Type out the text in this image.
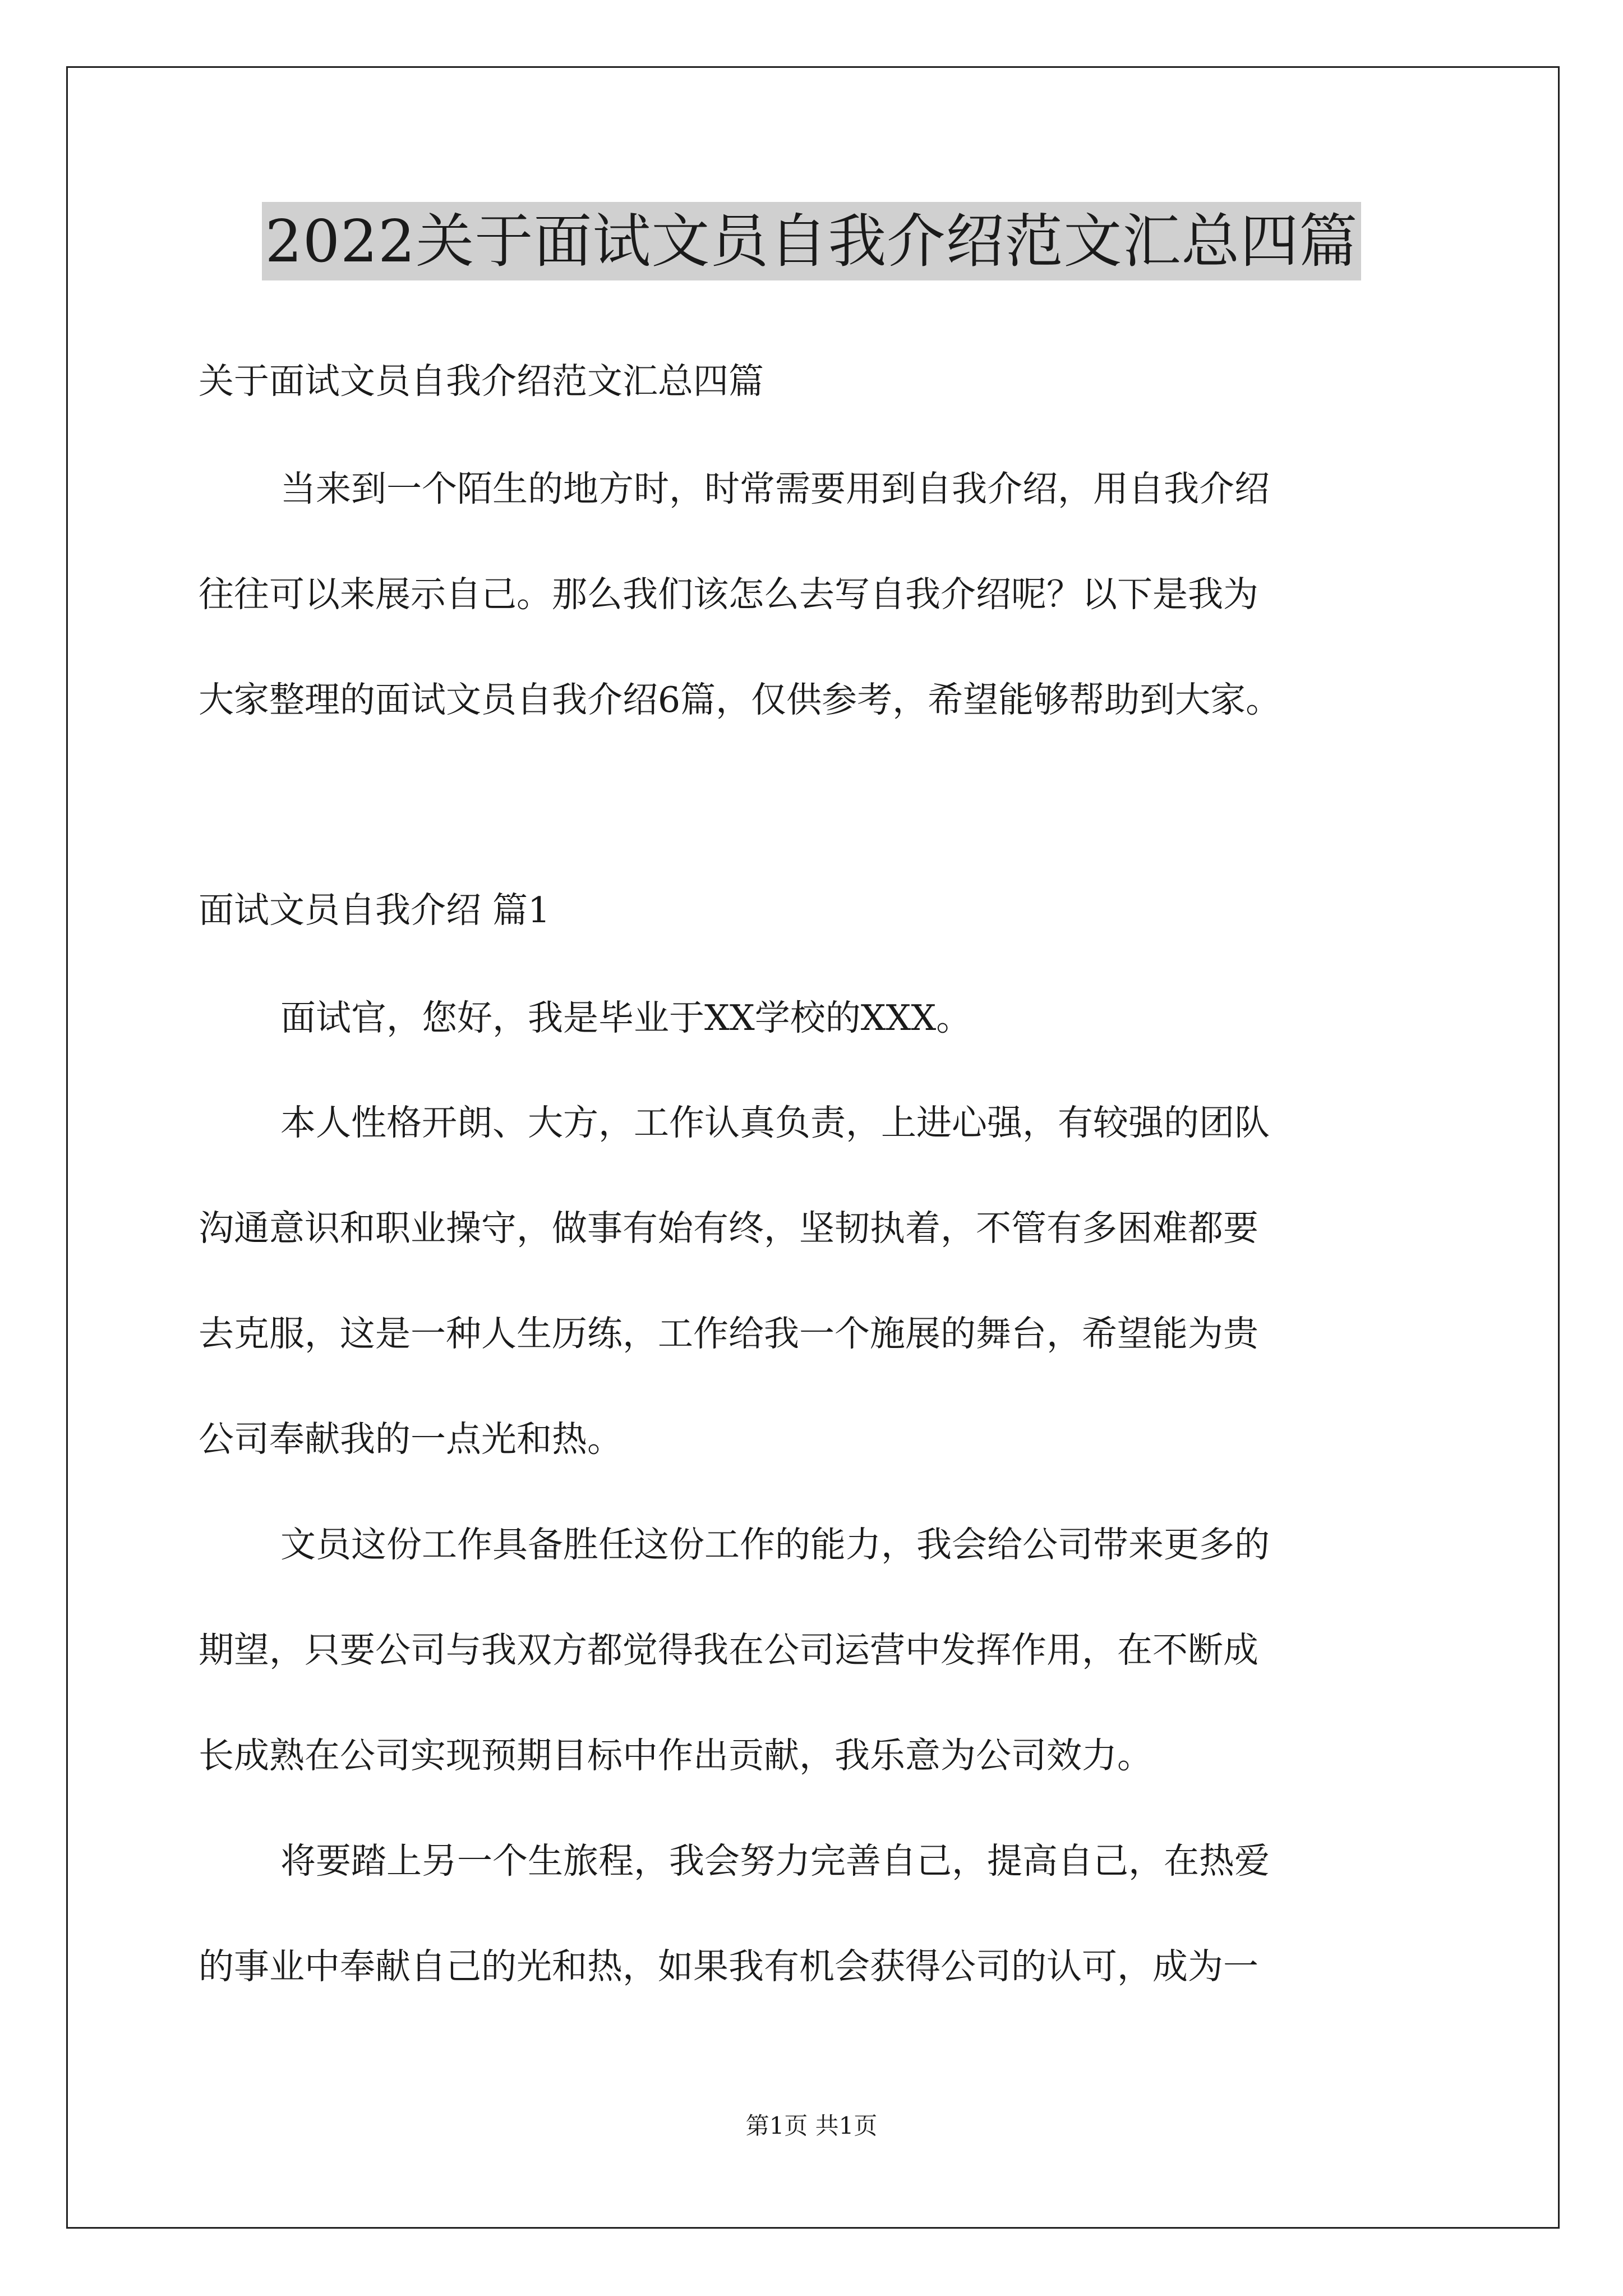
2022关于面试文员自我介绍范文汇总四篇

关于面试文员自我介绍范文汇总四篇

当来到一个陌生的地方时，时常需要用到自我介绍，用自我介绍

往往可以来展示自己。那么我们该怎么去写自我介绍呢？以下是我为

大家整理的面试文员自我介绍6篇，仅供参考，希望能够帮助到大家。

面试文员自我介绍 篇1

面试官，您好，我是毕业于XX学校的XXX。

本人性格开朗、大方，工作认真负责，上进心强，有较强的团队

沟通意识和职业操守，做事有始有终，坚韧执着，不管有多困难都要

去克服，这是一种人生历练，工作给我一个施展的舞台，希望能为贵

公司奉献我的一点光和热。

文员这份工作具备胜任这份工作的能力，我会给公司带来更多的

期望，只要公司与我双方都觉得我在公司运营中发挥作用，在不断成

长成熟在公司实现预期目标中作出贡献，我乐意为公司效力。

将要踏上另一个生旅程，我会努力完善自己，提高自己，在热爱

的事业中奉献自己的光和热，如果我有机会获得公司的认可，成为一

第1页 共1页
